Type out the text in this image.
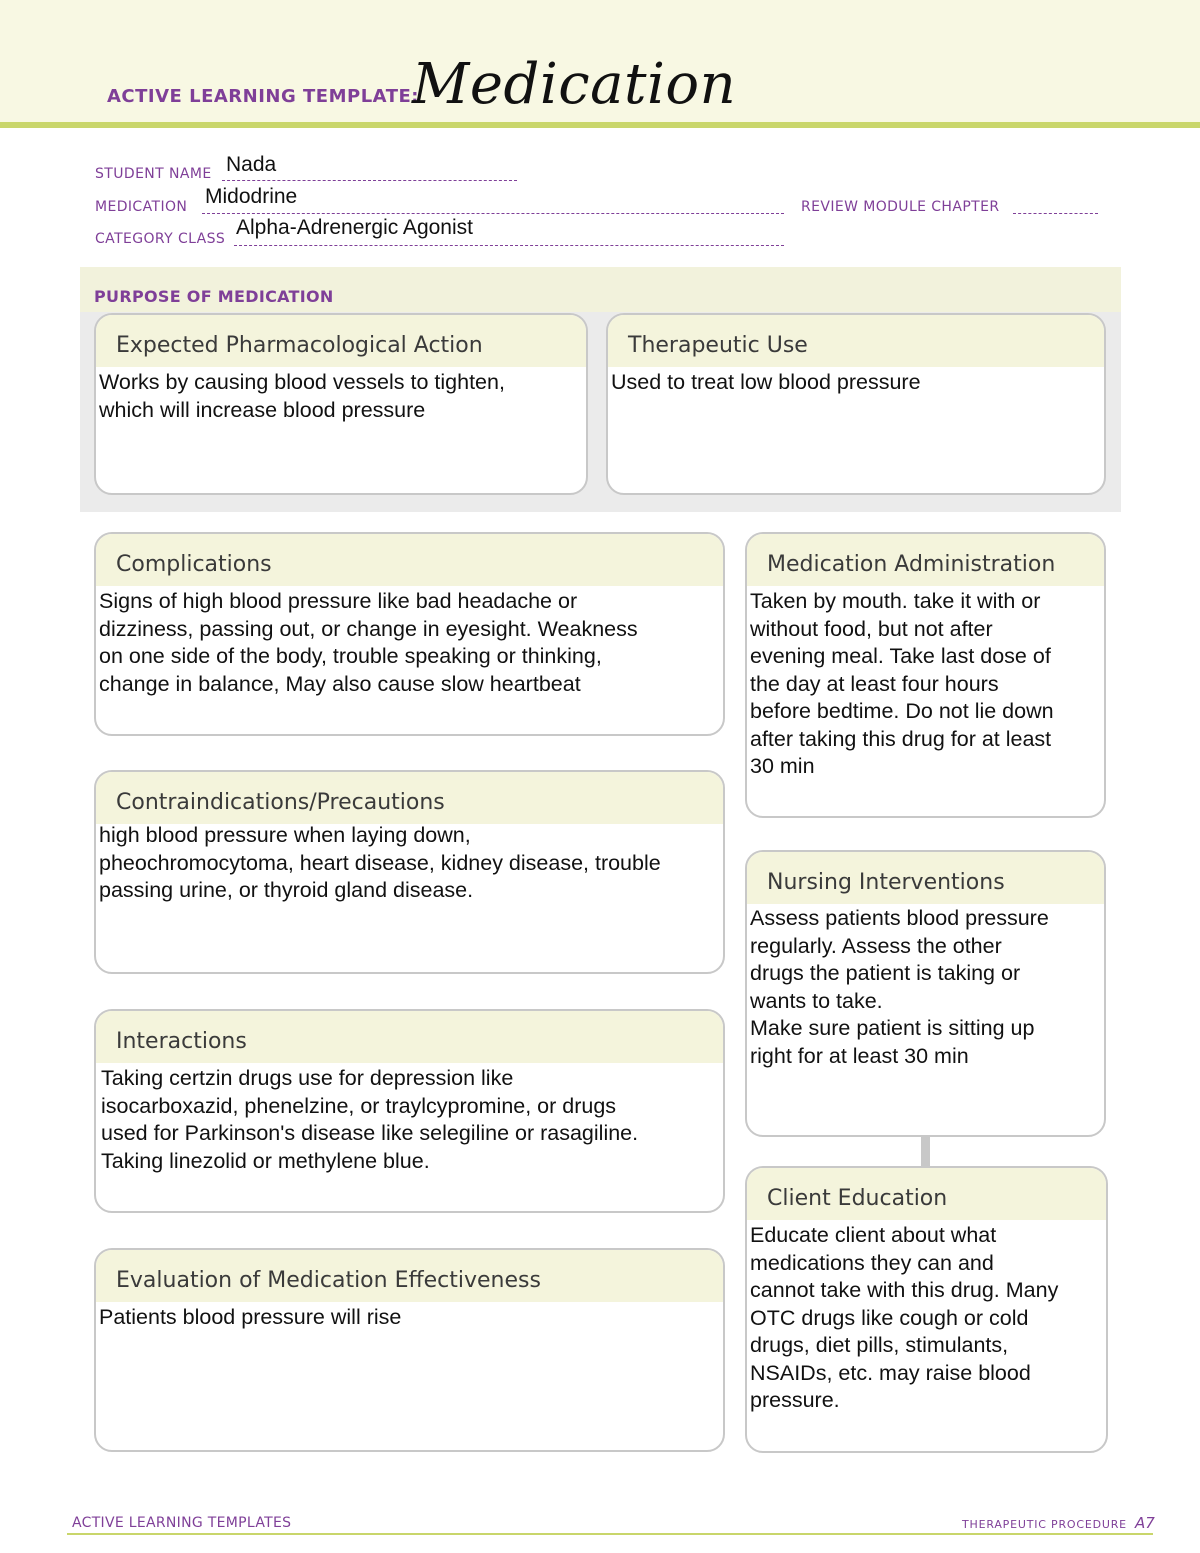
ACTIVE LEARNING TEMPLATE:
Medication
STUDENT NAME Nada
MEDICATION Midodrine	REVIEW MODULE CHAPTER
CATEGORY CLASS Alpha-Adrenergic Agonist
PURPOSE OF MEDICATION
Expected Pharmacological Action
Works by causing blood vessels to tighten,
which will increase blood pressure
Therapeutic Use
Used to treat low blood pressure
Complications
Signs of high blood pressure like bad headache or
dizziness, passing out, or change in eyesight. Weakness
on one side of the body, trouble speaking or thinking,
change in balance, May also cause slow heartbeat
Contraindications/Precautions
high blood pressure when laying down,
pheochromocytoma, heart disease, kidney disease, trouble
passing urine, or thyroid gland disease.
Interactions
Taking certzin drugs use for depression like
isocarboxazid, phenelzine, or traylcypromine, or drugs
used for Parkinson's disease like selegiline or rasagiline.
Taking linezolid or methylene blue.
Evaluation of Medication Effectiveness
Patients blood pressure will rise
Medication Administration
Taken by mouth. take it with or
without food, but not after
evening meal. Take last dose of
the day at least four hours
before bedtime. Do not lie down
after taking this drug for at least
30 min
Nursing Interventions
Assess patients blood pressure
regularly. Assess the other
drugs the patient is taking or
wants to take.
Make sure patient is sitting up
right for at least 30 min
Client Education
Educate client about what
medications they can and
cannot take with this drug. Many
OTC drugs like cough or cold
drugs, diet pills, stimulants,
NSAIDs, etc. may raise blood
pressure.
ACTIVE LEARNING TEMPLATES	THERAPEUTIC PROCEDURE A7
